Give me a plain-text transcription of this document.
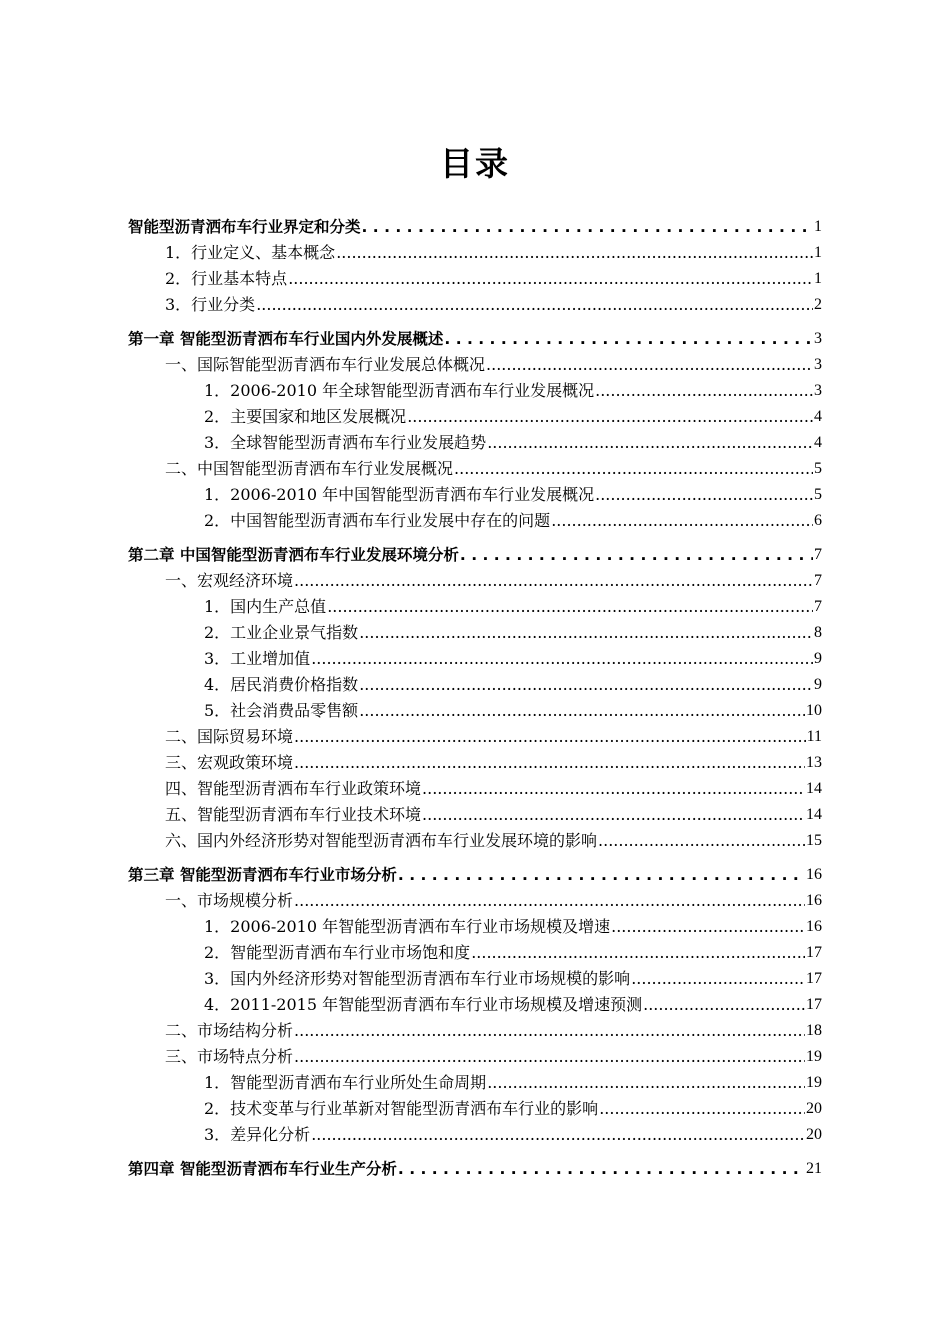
目录
智能型沥青洒布车行业界定和分类 . . .	1
1．行业定义、基本概念 .....	1
2．行业基本特点 .....	1
3．行业分类 .....	2
第一章 智能型沥青洒布车行业国内外发展概述 . . .	3
一、国际智能型沥青洒布车行业发展总体概况 .....	3
1．2006-2010 年全球智能型沥青洒布车行业发展概况 .....	3
2．主要国家和地区发展概况 .....	4
3．全球智能型沥青洒布车行业发展趋势 .....	4
二、中国智能型沥青洒布车行业发展概况 .....	5
1．2006-2010 年中国智能型沥青洒布车行业发展概况 .....	5
2．中国智能型沥青洒布车行业发展中存在的问题 .....	6
第二章 中国智能型沥青洒布车行业发展环境分析 . . .	7
一、宏观经济环境 .....	7
1．国内生产总值 .....	7
2．工业企业景气指数 .....	8
3．工业增加值 .....	9
4．居民消费价格指数 .....	9
5．社会消费品零售额 .....	10
二、国际贸易环境 .....	11
三、宏观政策环境 .....	13
四、智能型沥青洒布车行业政策环境 .....	14
五、智能型沥青洒布车行业技术环境 .....	14
六、国内外经济形势对智能型沥青洒布车行业发展环境的影响 .....	15
第三章 智能型沥青洒布车行业市场分析 . . .	16
一、市场规模分析 .....	16
1．2006-2010 年智能型沥青洒布车行业市场规模及增速 .....	16
2．智能型沥青洒布车行业市场饱和度 .....	17
3．国内外经济形势对智能型沥青洒布车行业市场规模的影响 .....	17
4．2011-2015 年智能型沥青洒布车行业市场规模及增速预测 .....	17
二、市场结构分析 .....	18
三、市场特点分析 .....	19
1．智能型沥青洒布车行业所处生命周期 .....	19
2．技术变革与行业革新对智能型沥青洒布车行业的影响 .....	20
3．差异化分析 .....	20
第四章 智能型沥青洒布车行业生产分析 . . .	21
